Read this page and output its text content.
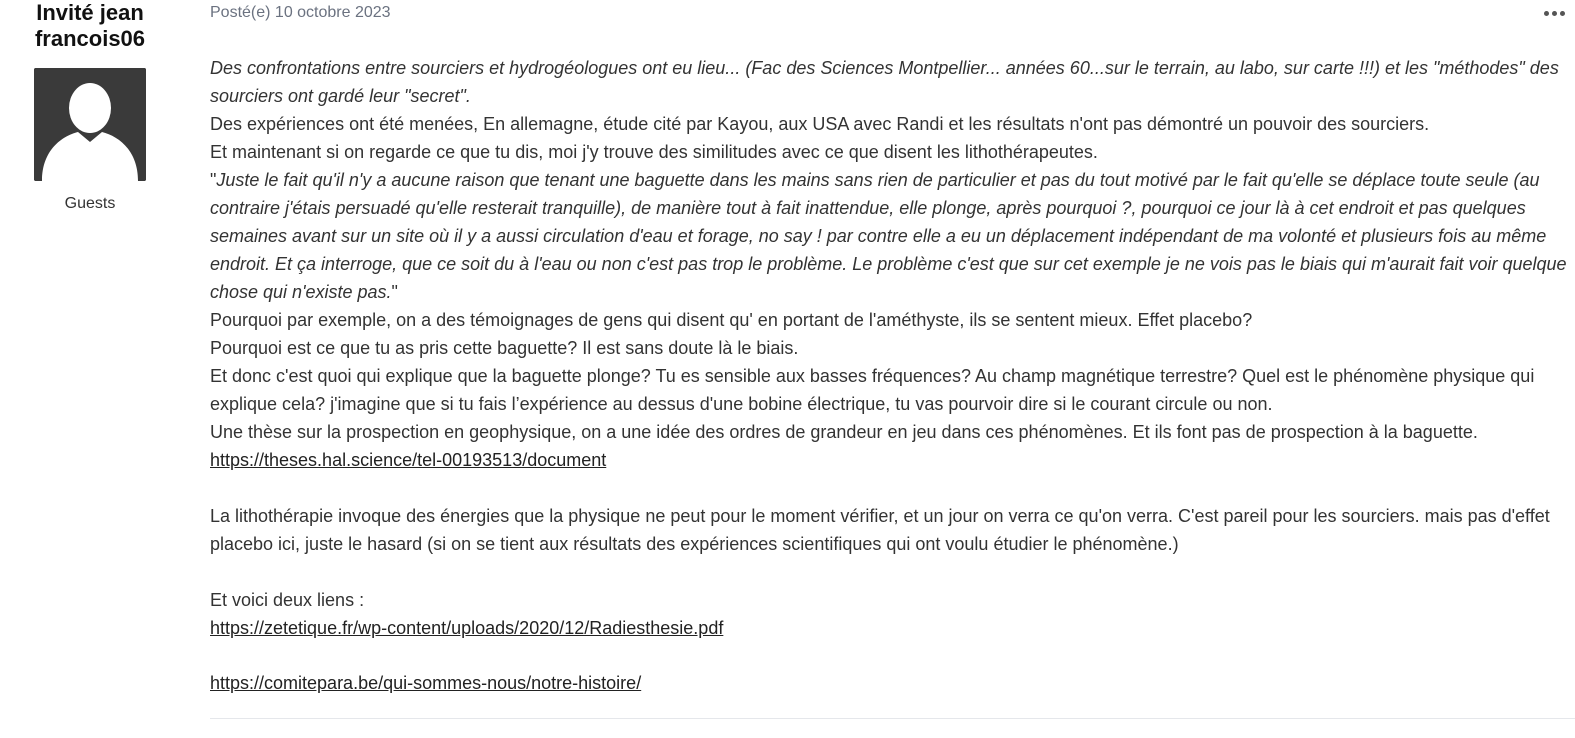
Invité jean francois06
Guests
Posté(e) 10 octobre 2023

Des confrontations entre sourciers et hydrogéologues ont eu lieu... (Fac des Sciences Montpellier... années 60...sur le terrain, au labo, sur carte !!!) et les "méthodes" des sourciers ont gardé leur "secret".

Des expériences ont été menées, En allemagne, étude cité par Kayou, aux USA avec Randi et les résultats n'ont pas démontré un pouvoir des sourciers.

Et maintenant si on regarde ce que tu dis, moi j'y trouve des similitudes avec ce que disent les lithothérapeutes.

"Juste le fait qu'il n'y a aucune raison que tenant une baguette dans les mains sans rien de particulier et pas du tout motivé par le fait qu'elle se déplace toute seule (au contraire j'étais persuadé qu'elle resterait tranquille), de manière tout à fait inattendue, elle plonge, après pourquoi ?, pourquoi ce jour là à cet endroit et pas quelques semaines avant sur un site où il y a aussi circulation d'eau et forage, no say ! par contre elle a eu un déplacement indépendant de ma volonté et plusieurs fois au même endroit. Et ça interroge, que ce soit du à l'eau ou non c'est pas trop le problème. Le problème c'est que sur cet exemple je ne vois pas le biais qui m'aurait fait voir quelque chose qui n'existe pas."

Pourquoi par exemple, on a des témoignages de gens qui disent qu' en portant de l'améthyste, ils se sentent mieux. Effet placebo?

Pourquoi est ce que tu as pris cette baguette? Il est sans doute là le biais.

Et donc c'est quoi qui explique que la baguette plonge? Tu es sensible aux basses fréquences? Au champ magnétique terrestre? Quel est le phénomène physique qui explique cela? j'imagine que si tu fais l’expérience au dessus d'une bobine électrique, tu vas pourvoir dire si le courant circule ou non.

Une thèse sur la prospection en geophysique, on a une idée des ordres de grandeur en jeu dans ces phénomènes. Et ils font pas de prospection à la baguette.

https://theses.hal.science/tel-00193513/document

La lithothérapie invoque des énergies que la physique ne peut pour le moment vérifier, et un jour on verra ce qu'on verra. C'est pareil pour les sourciers. mais pas d'effet placebo ici, juste le hasard (si on se tient aux résultats des expériences scientifiques qui ont voulu étudier le phénomène.)

Et voici deux liens :

https://zetetique.fr/wp-content/uploads/2020/12/Radiesthesie.pdf

https://comitepara.be/qui-sommes-nous/notre-histoire/
